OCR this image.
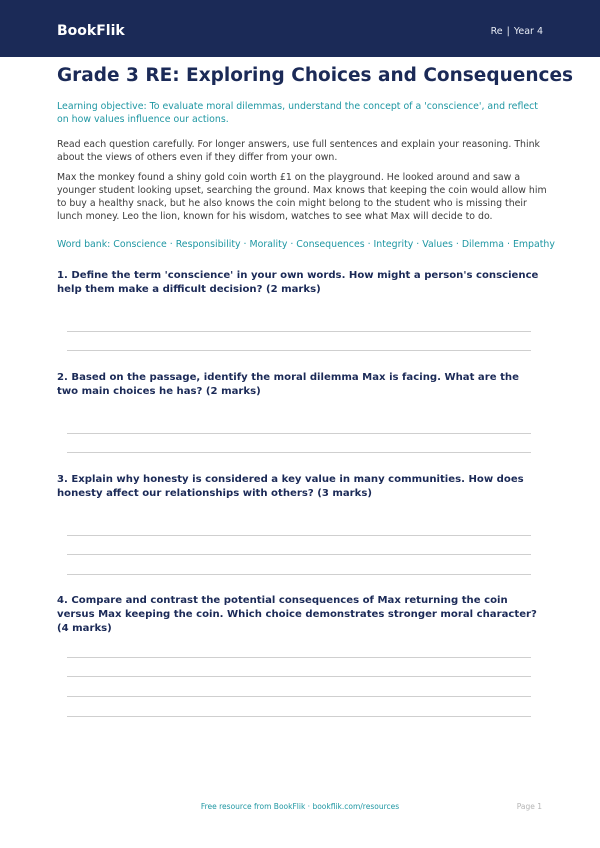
BookFlik	Re | Year 4
Grade 3 RE: Exploring Choices and Consequences
Learning objective: To evaluate moral dilemmas, understand the concept of a 'conscience', and reflect on how values influence our actions.
Read each question carefully. For longer answers, use full sentences and explain your reasoning. Think about the views of others even if they differ from your own.
Max the monkey found a shiny gold coin worth £1 on the playground. He looked around and saw a younger student looking upset, searching the ground. Max knows that keeping the coin would allow him to buy a healthy snack, but he also knows the coin might belong to the student who is missing their lunch money. Leo the lion, known for his wisdom, watches to see what Max will decide to do.
Word bank: Conscience · Responsibility · Morality · Consequences · Integrity · Values · Dilemma · Empathy
1. Define the term 'conscience' in your own words. How might a person's conscience help them make a difficult decision? (2 marks)
2. Based on the passage, identify the moral dilemma Max is facing. What are the two main choices he has? (2 marks)
3. Explain why honesty is considered a key value in many communities. How does honesty affect our relationships with others? (3 marks)
4. Compare and contrast the potential consequences of Max returning the coin versus Max keeping the coin. Which choice demonstrates stronger moral character? (4 marks)
Free resource from BookFlik · bookflik.com/resources	Page 1
